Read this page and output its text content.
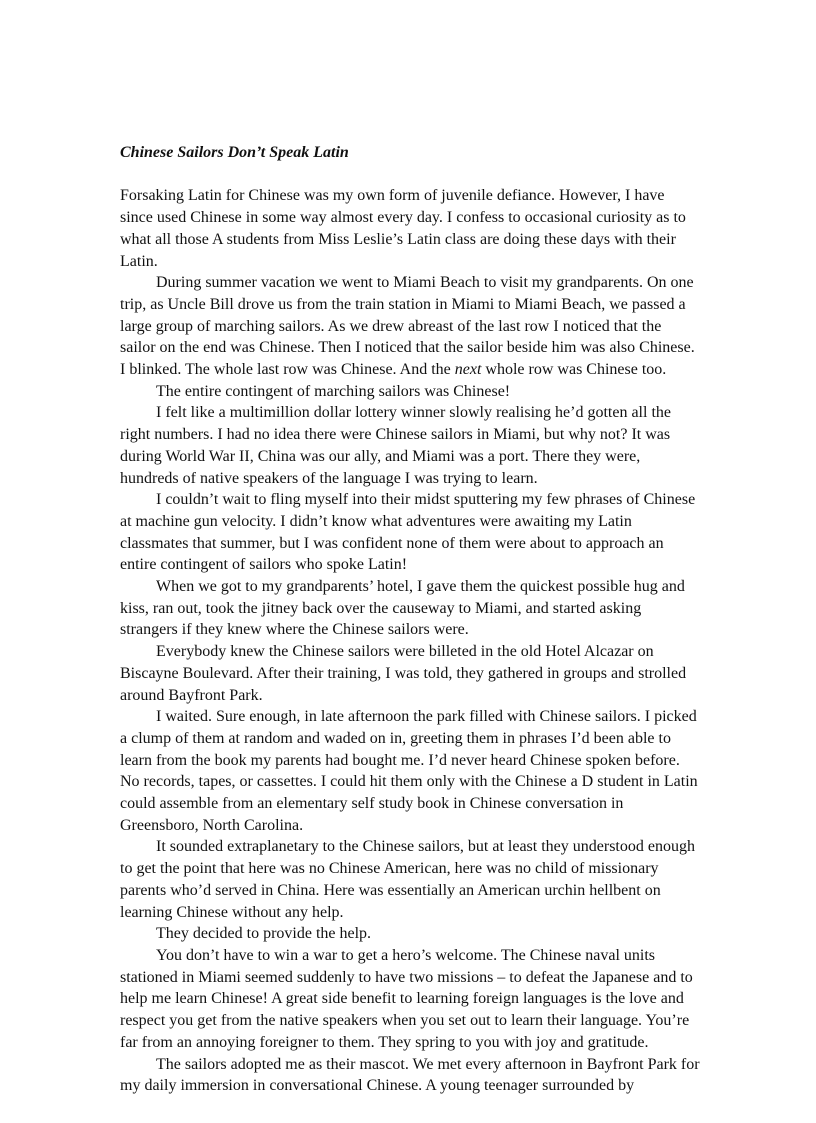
Chinese Sailors Don’t Speak Latin

Forsaking Latin for Chinese was my own form of juvenile defiance. However, I have since used Chinese in some way almost every day. I confess to occasional curiosity as to what all those A students from Miss Leslie’s Latin class are doing these days with their Latin.

During summer vacation we went to Miami Beach to visit my grandparents. On one trip, as Uncle Bill drove us from the train station in Miami to Miami Beach, we passed a large group of marching sailors. As we drew abreast of the last row I noticed that the sailor on the end was Chinese. Then I noticed that the sailor beside him was also Chinese. I blinked. The whole last row was Chinese. And the next whole row was Chinese too.

The entire contingent of marching sailors was Chinese!

I felt like a multimillion dollar lottery winner slowly realising he’d gotten all the right numbers. I had no idea there were Chinese sailors in Miami, but why not? It was during World War II, China was our ally, and Miami was a port. There they were, hundreds of native speakers of the language I was trying to learn.

I couldn’t wait to fling myself into their midst sputtering my few phrases of Chinese at machine gun velocity. I didn’t know what adventures were awaiting my Latin classmates that summer, but I was confident none of them were about to approach an entire contingent of sailors who spoke Latin!

When we got to my grandparents’ hotel, I gave them the quickest possible hug and kiss, ran out, took the jitney back over the causeway to Miami, and started asking strangers if they knew where the Chinese sailors were.

Everybody knew the Chinese sailors were billeted in the old Hotel Alcazar on Biscayne Boulevard. After their training, I was told, they gathered in groups and strolled around Bayfront Park.

I waited. Sure enough, in late afternoon the park filled with Chinese sailors. I picked a clump of them at random and waded on in, greeting them in phrases I’d been able to learn from the book my parents had bought me. I’d never heard Chinese spoken before. No records, tapes, or cassettes. I could hit them only with the Chinese a D student in Latin could assemble from an elementary self study book in Chinese conversation in Greensboro, North Carolina.

It sounded extraplanetary to the Chinese sailors, but at least they understood enough to get the point that here was no Chinese American, here was no child of missionary parents who’d served in China. Here was essentially an American urchin hellbent on learning Chinese without any help.

They decided to provide the help.

You don’t have to win a war to get a hero’s welcome. The Chinese naval units stationed in Miami seemed suddenly to have two missions – to defeat the Japanese and to help me learn Chinese! A great side benefit to learning foreign languages is the love and respect you get from the native speakers when you set out to learn their language. You’re far from an annoying foreigner to them. They spring to you with joy and gratitude.

The sailors adopted me as their mascot. We met every afternoon in Bayfront Park for my daily immersion in conversational Chinese. A young teenager surrounded by
